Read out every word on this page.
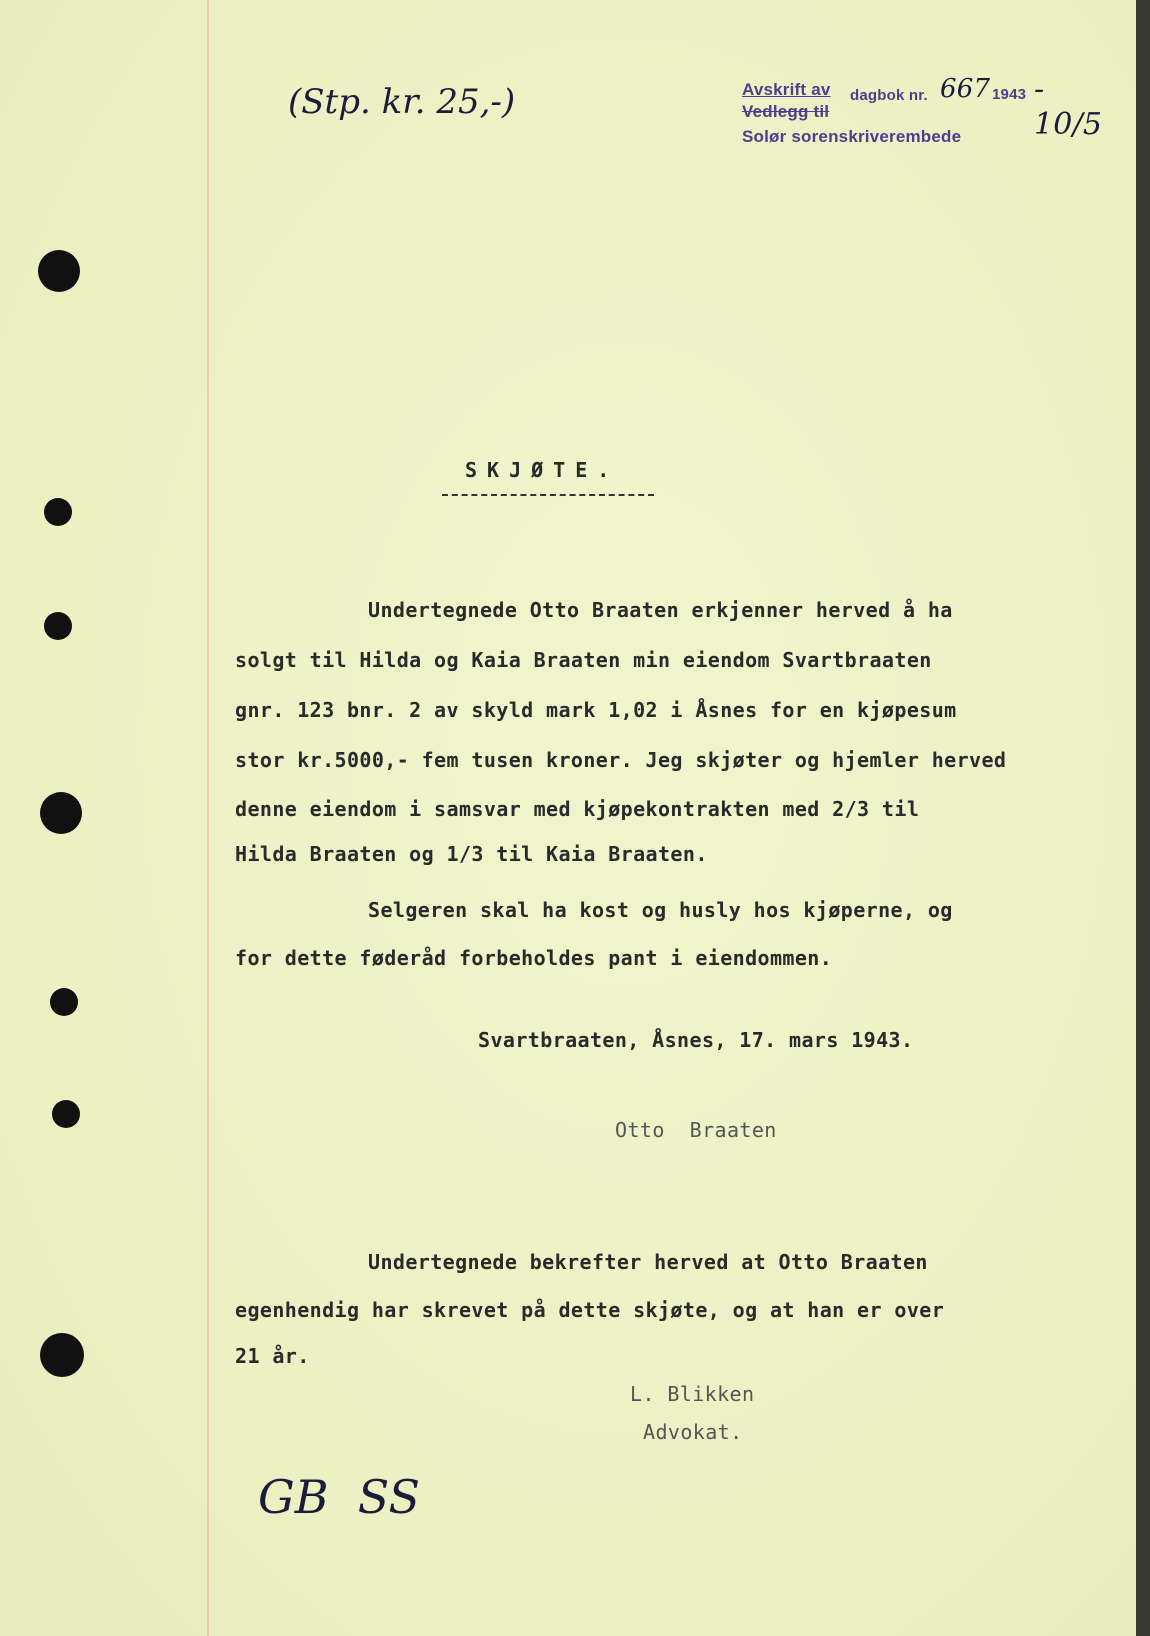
(Stp. kr. 25,-)	Avskrift av dagbok nr. 667 1943 - 10/5
Vedlegg til
Solør sorenskriverembede
SKJØTE.
Undertegnede Otto Braaten erkjenner herved å ha
solgt til Hilda og Kaia Braaten min eiendom Svartbraaten
gnr. 123 bnr. 2 av skyld mark 1,02 i Åsnes for en kjøpesum
stor kr.5000,- fem tusen kroner. Jeg skjøter og hjemler herved
denne eiendom i samsvar med kjøpekontrakten med 2/3 til
Hilda Braaten og 1/3 til Kaia Braaten.
Selgeren skal ha kost og husly hos kjøperne, og
for dette føderåd forbeholdes pant i eiendommen.
Svartbraaten, Åsnes, 17. mars 1943.
Otto  Braaten
Undertegnede bekrefter herved at Otto Braaten
egenhendig har skrevet på dette skjøte, og at han er over
21 år.
L. Blikken
Advokat.
GB  SS
